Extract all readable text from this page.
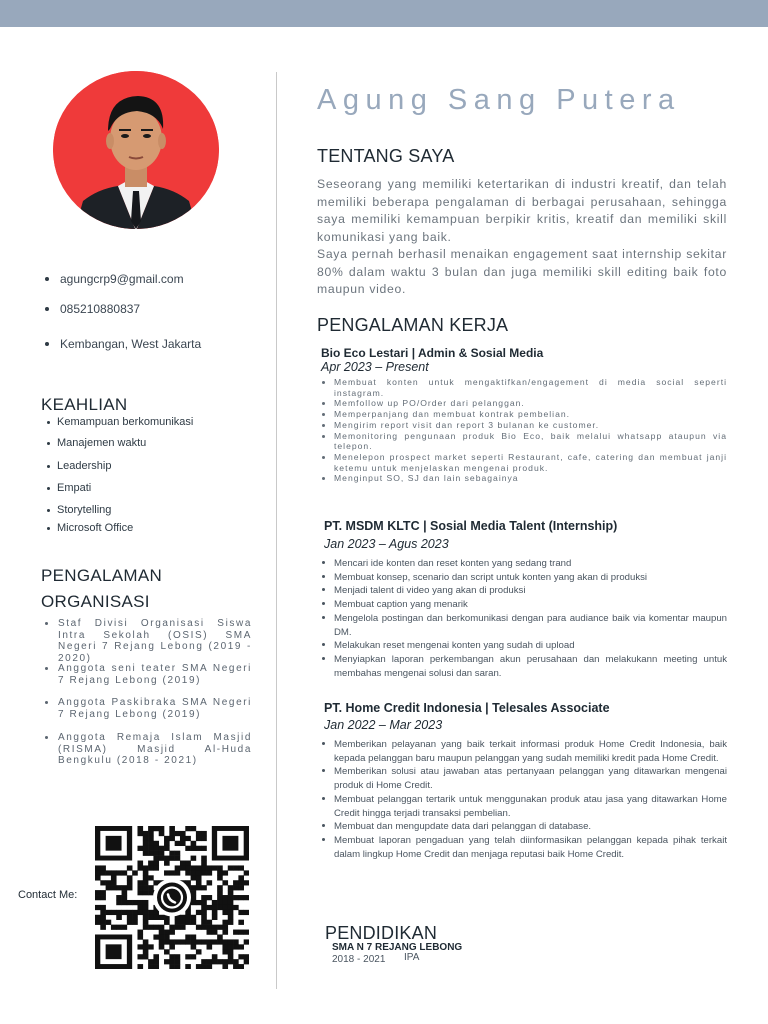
agungcrp9@gmail.com
085210880837
Kembangan, West Jakarta
KEAHLIAN
Kemampuan berkomunikasi
Manajemen waktu
Leadership
Empati
Storytelling
Microsoft Office
PENGALAMAN
ORGANISASI
Staf Divisi Organisasi Siswa Intra Sekolah (OSIS) SMA Negeri 7 Rejang Lebong (2019 - 2020)
Anggota seni teater SMA Negeri 7 Rejang Lebong (2019)
Anggota Paskibraka SMA Negeri 7 Rejang Lebong (2019)
Anggota Remaja Islam Masjid (RISMA) Masjid Al-Huda Bengkulu (2018 - 2021)
Contact Me:
Agung Sang Putera
TENTANG SAYA

Seseorang yang memiliki ketertarikan di industri kreatif, dan telah memiliki beberapa pengalaman di berbagai perusahaan, sehingga saya memiliki kemampuan berpikir kritis, kreatif dan memiliki skill komunikasi yang baik.

Saya pernah berhasil menaikan engagement saat internship sekitar 80% dalam waktu 3 bulan dan juga memiliki skill editing baik foto maupun video.

PENGALAMAN KERJA
Bio Eco Lestari | Admin & Sosial Media
Apr 2023 – Present
Membuat konten untuk mengaktifkan/engagement di media social seperti instagram.
Memfollow up PO/Order dari pelanggan.
Memperpanjang dan membuat kontrak pembelian.
Mengirim report visit dan report 3 bulanan ke customer.
Memonitoring pengunaan produk Bio Eco, baik melalui whatsapp ataupun via telepon.
Menelepon prospect market seperti Restaurant, cafe, catering dan membuat janji ketemu untuk menjelaskan mengenai produk.
Menginput SO, SJ dan lain sebagainya
PT. MSDM KLTC | Sosial Media Talent (Internship)
Jan 2023 – Agus 2023
Mencari ide konten dan reset konten yang sedang trand
Membuat konsep, scenario dan script untuk konten yang akan di produksi
Menjadi talent di video yang akan di produksi
Membuat caption yang menarik
Mengelola postingan dan berkomunikasi dengan para audiance baik via komentar maupun DM.
Melakukan reset mengenai konten yang sudah di upload
Menyiapkan laporan perkembangan akun perusahaan dan melakukann meeting untuk membahas mengenai solusi dan saran.
PT. Home Credit Indonesia | Telesales Associate
Jan 2022 – Mar 2023
Memberikan pelayanan yang baik terkait informasi produk Home Credit Indonesia, baik kepada pelanggan baru maupun pelanggan yang sudah memiliki kredit pada Home Credit.
Memberikan solusi atau jawaban atas pertanyaan pelanggan yang ditawarkan mengenai produk di Home Credit.
Membuat pelanggan tertarik untuk menggunakan produk atau jasa yang ditawarkan Home Credit hingga terjadi transaksi pembelian.
Membuat dan mengupdate data dari pelanggan di database.
Membuat laporan pengaduan yang telah diinformasikan pelanggan kepada pihak terkait dalam lingkup Home Credit dan menjaga reputasi baik Home Credit.
PENDIDIKAN
SMA N 7 REJANG LEBONG
2018 - 2021 IPA
